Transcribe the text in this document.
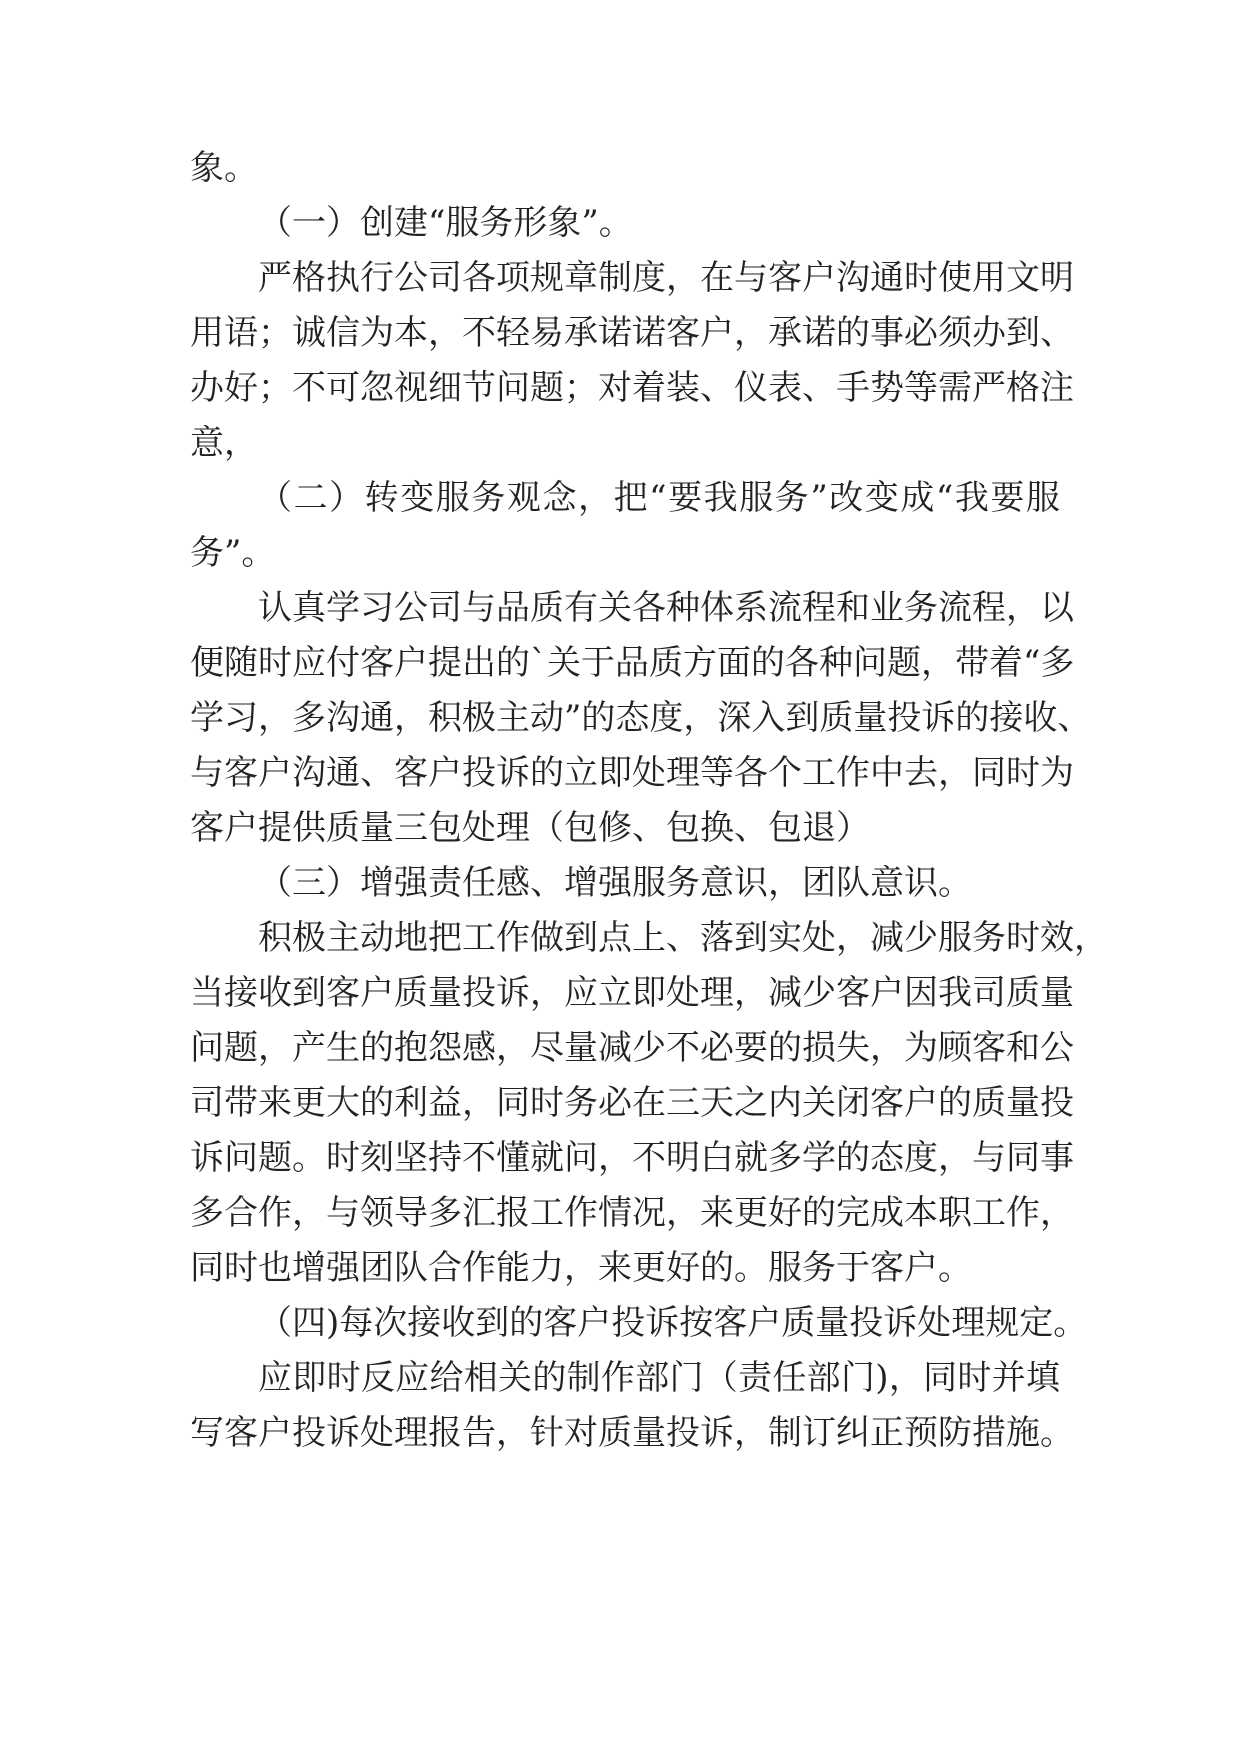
象。
（一）创建“服务形象”。
严格执行公司各项规章制度，在与客户沟通时使用文明
用语；诚信为本，不轻易承诺诺客户，承诺的事必须办到、
办好；不可忽视细节问题；对着装、仪表、手势等需严格注
意，
（二）转变服务观念，把“要我服务”改变成“我要服
务”。
认真学习公司与品质有关各种体系流程和业务流程，以
便随时应付客户提出的`关于品质方面的各种问题，带着“多
学习，多沟通，积极主动”的态度，深入到质量投诉的接收、
与客户沟通、客户投诉的立即处理等各个工作中去，同时为
客户提供质量三包处理（包修、包换、包退）
（三）增强责任感、增强服务意识，团队意识。
积极主动地把工作做到点上、落到实处，减少服务时效，
当接收到客户质量投诉，应立即处理，减少客户因我司质量
问题，产生的抱怨感，尽量减少不必要的损失，为顾客和公
司带来更大的利益，同时务必在三天之内关闭客户的质量投
诉问题。时刻坚持不懂就问，不明白就多学的态度，与同事
多合作，与领导多汇报工作情况，来更好的完成本职工作，
同时也增强团队合作能力，来更好的。服务于客户。
（四)每次接收到的客户投诉按客户质量投诉处理规定。
应即时反应给相关的制作部门（责任部门)，同时并填
写客户投诉处理报告，针对质量投诉，制订纠正预防措施。
